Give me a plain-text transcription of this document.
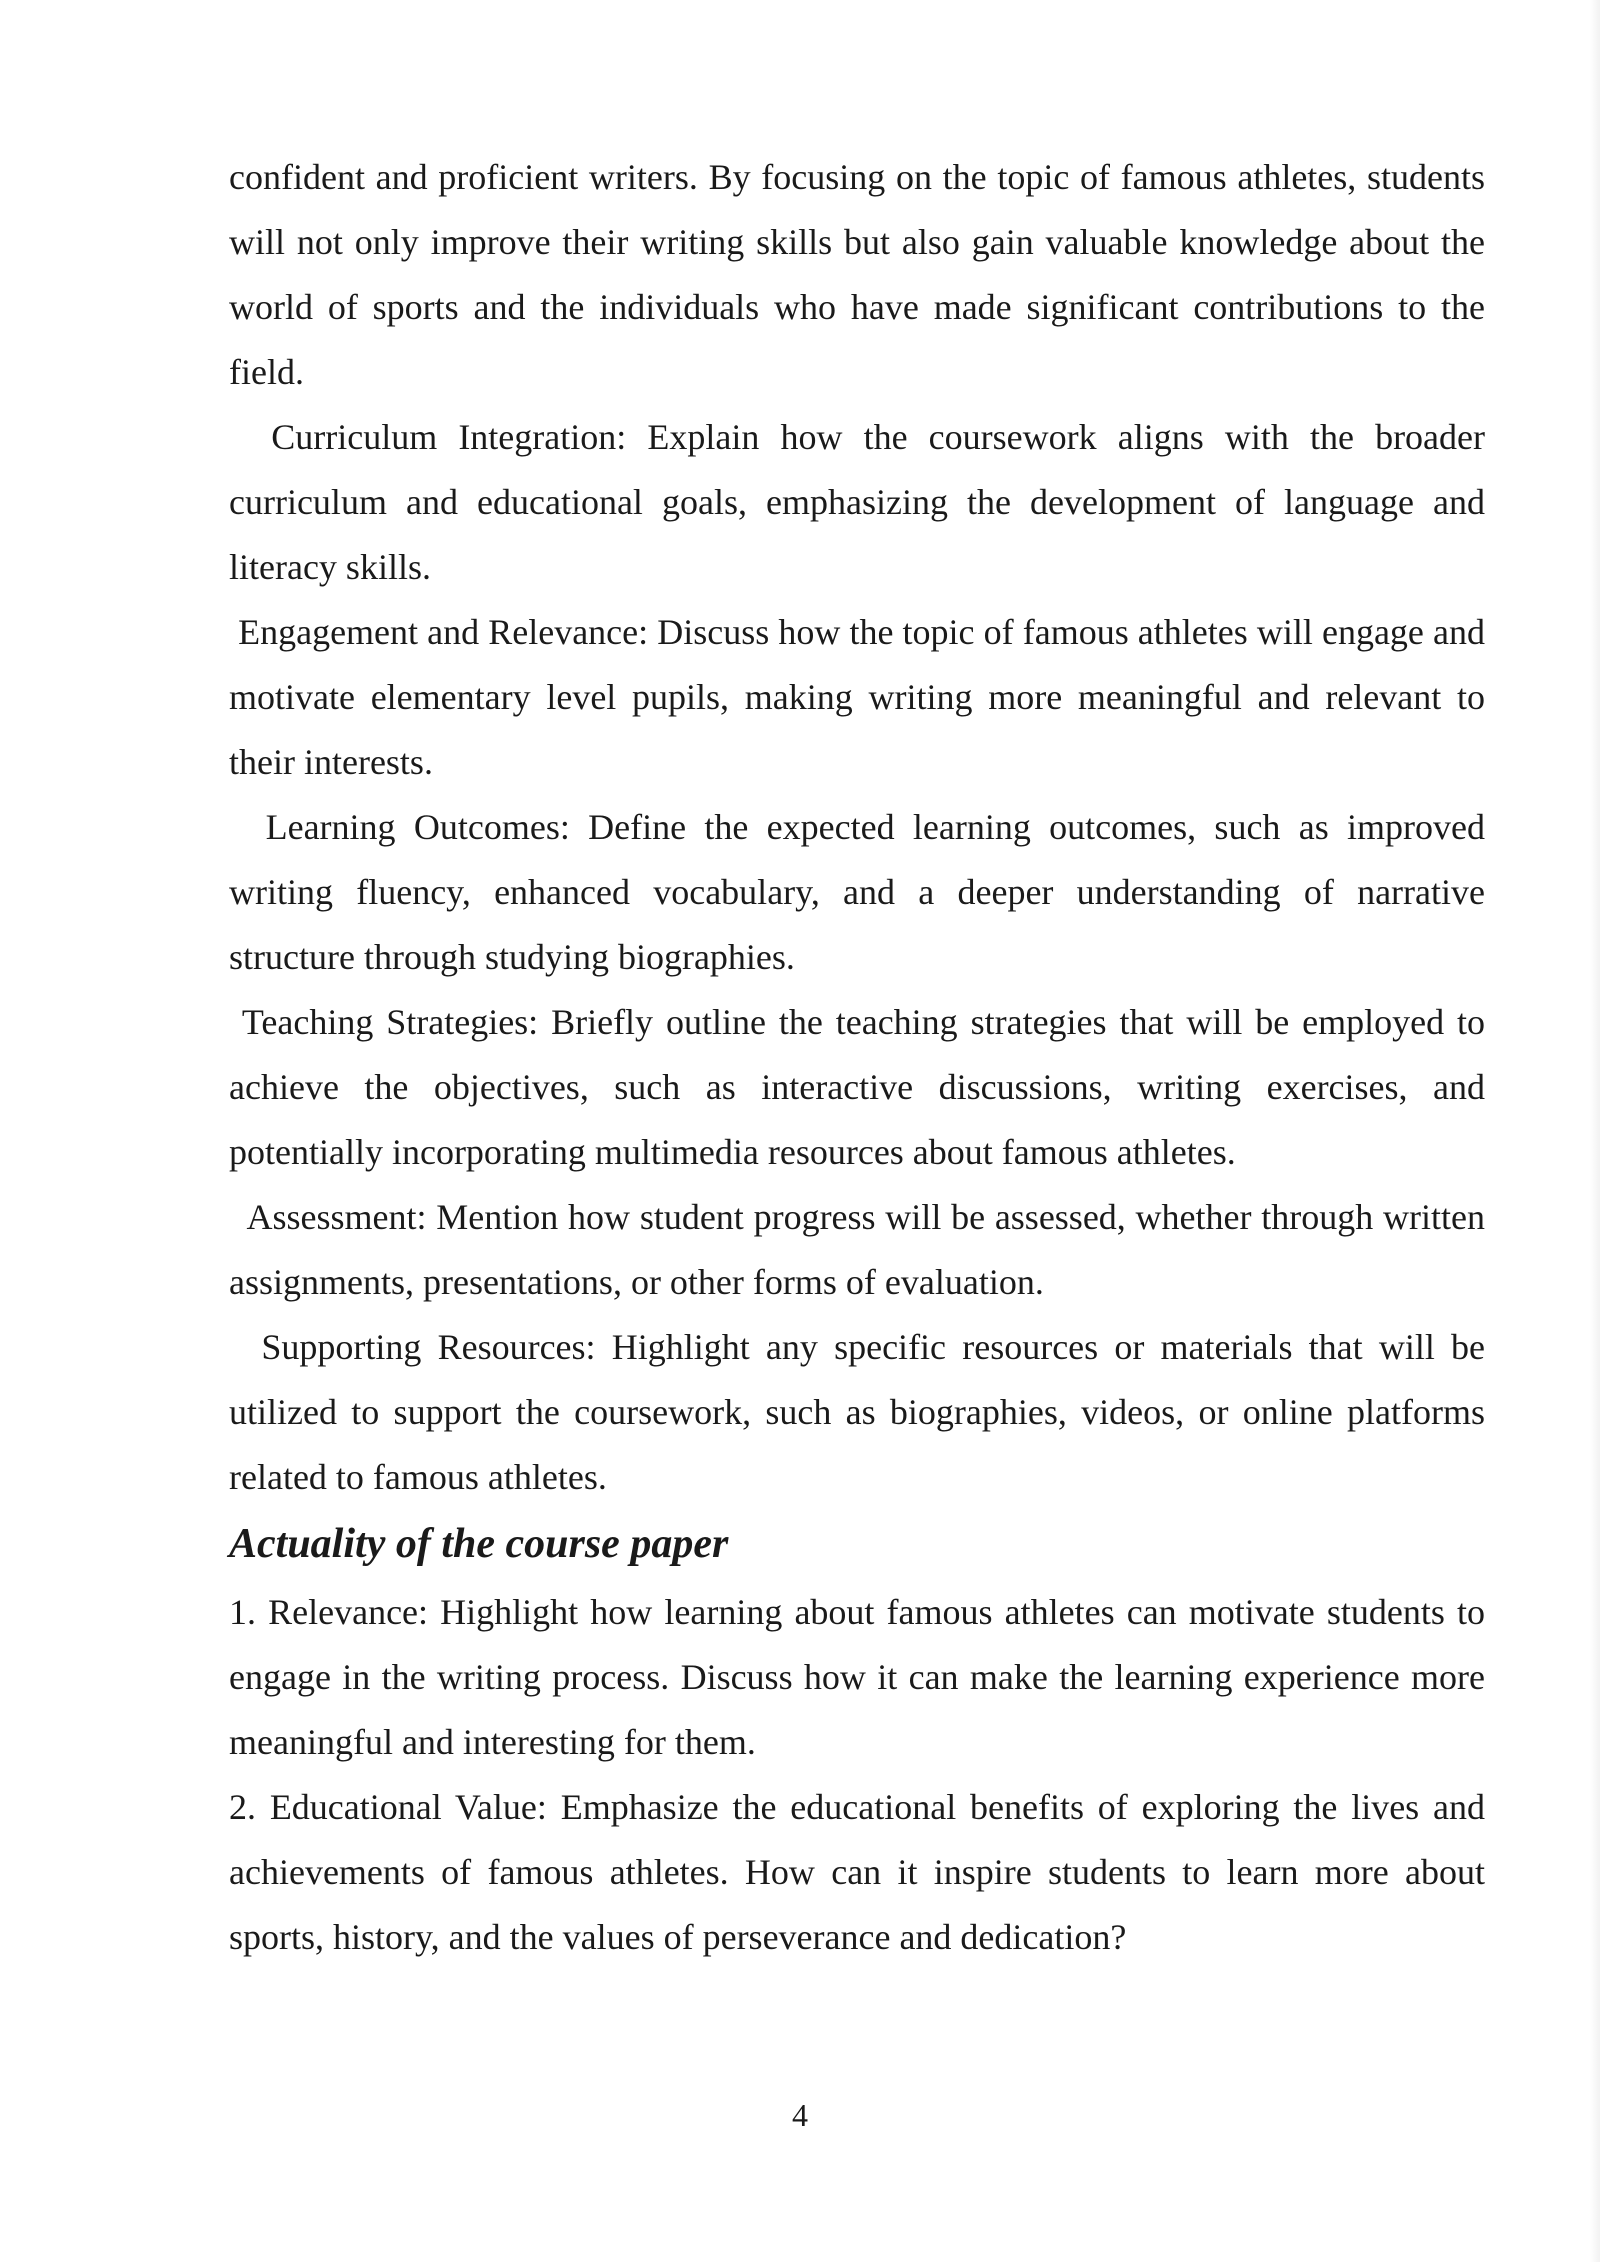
confident and proficient writers. By focusing on the topic of famous athletes, students will not only improve their writing skills but also gain valuable knowledge about the world of sports and the individuals who have made significant contributions to the field.

Curriculum Integration: Explain how the coursework aligns with the broader curriculum and educational goals, emphasizing the development of language and literacy skills.

Engagement and Relevance: Discuss how the topic of famous athletes will engage and motivate elementary level pupils, making writing more meaningful and relevant to their interests.

Learning Outcomes: Define the expected learning outcomes, such as improved writing fluency, enhanced vocabulary, and a deeper understanding of narrative structure through studying biographies.

Teaching Strategies: Briefly outline the teaching strategies that will be employed to achieve the objectives, such as interactive discussions, writing exercises, and potentially incorporating multimedia resources about famous athletes.

Assessment: Mention how student progress will be assessed, whether through written assignments, presentations, or other forms of evaluation.

Supporting Resources: Highlight any specific resources or materials that will be utilized to support the coursework, such as biographies, videos, or online platforms related to famous athletes.

Actuality of the course paper

1. Relevance: Highlight how learning about famous athletes can motivate students to engage in the writing process. Discuss how it can make the learning experience more meaningful and interesting for them.

2. Educational Value: Emphasize the educational benefits of exploring the lives and achievements of famous athletes. How can it inspire students to learn more about sports, history, and the values of perseverance and dedication?

4
